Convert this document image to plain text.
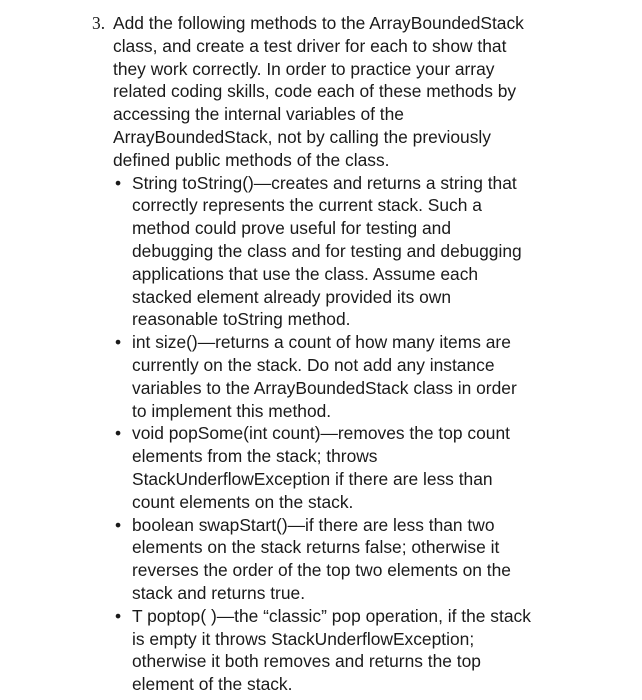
3. Add the following methods to the ArrayBoundedStack
class, and create a test driver for each to show that
they work correctly. In order to practice your array
related coding skills, code each of these methods by
accessing the internal variables of the
ArrayBoundedStack, not by calling the previously
defined public methods of the class.

• String toString()—creates and returns a string that
correctly represents the current stack. Such a
method could prove useful for testing and
debugging the class and for testing and debugging
applications that use the class. Assume each
stacked element already provided its own
reasonable toString method.
• int size()—returns a count of how many items are
currently on the stack. Do not add any instance
variables to the ArrayBoundedStack class in order
to implement this method.
• void popSome(int count)—removes the top count
elements from the stack; throws
StackUnderflowException if there are less than
count elements on the stack.
• boolean swapStart()—if there are less than two
elements on the stack returns false; otherwise it
reverses the order of the top two elements on the
stack and returns true.
• T poptop( )—the “classic” pop operation, if the stack
is empty it throws StackUnderflowException;
otherwise it both removes and returns the top
element of the stack.
